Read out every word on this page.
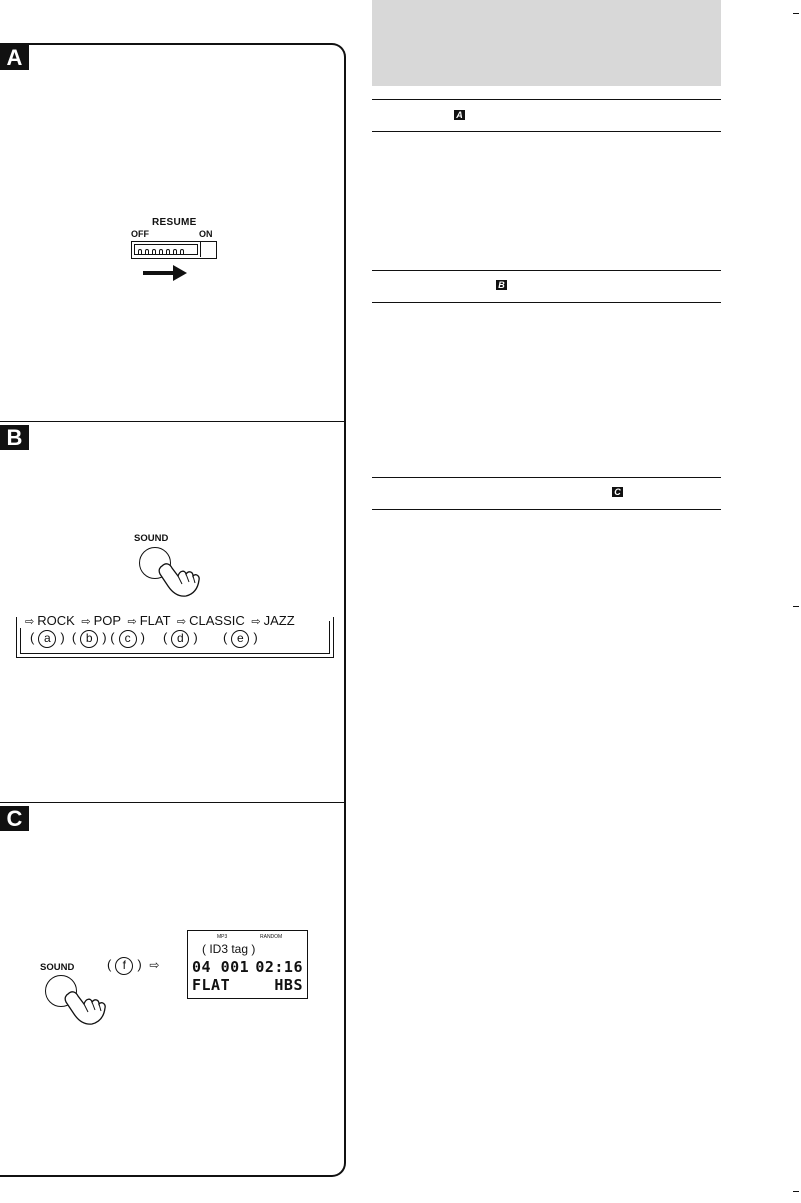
A
RESUME
OFF	ON
B
SOUND
⇨ ROCK ⇨ POP ⇨ FLAT ⇨ CLASSIC ⇨ JAZZ
( a ) ( b ) ( c ) ( d ) ( e )
C
SOUND	( f ) ⇨
MP3	RANDOM
( ID3 tag )
04 001 02:16
FLAT	HBS
A
B
C
